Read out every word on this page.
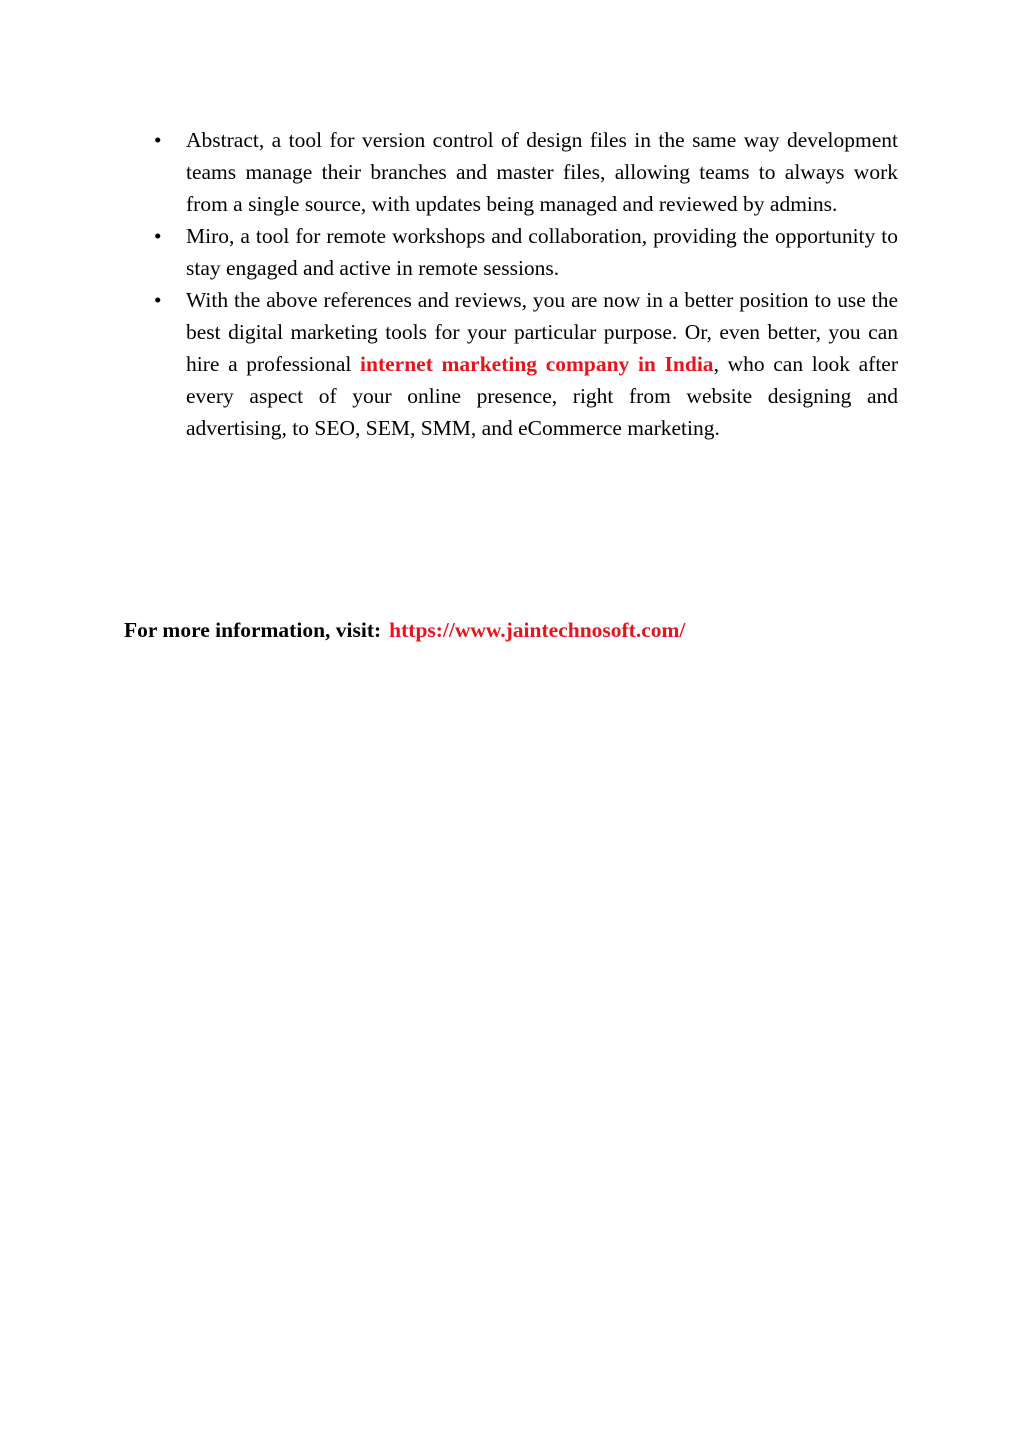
•	Abstract, a tool for version control of design files in the same way development teams manage their branches and master files, allowing teams to always work from a single source, with updates being managed and reviewed by admins.
•	Miro, a tool for remote workshops and collaboration, providing the opportunity to stay engaged and active in remote sessions.
•	With the above references and reviews, you are now in a better position to use the best digital marketing tools for your particular purpose. Or, even better, you can hire a professional internet marketing company in India, who can look after every aspect of your online presence, right from website designing and advertising, to SEO, SEM, SMM, and eCommerce marketing.
For more information, visit: https://www.jaintechnosoft.com/
